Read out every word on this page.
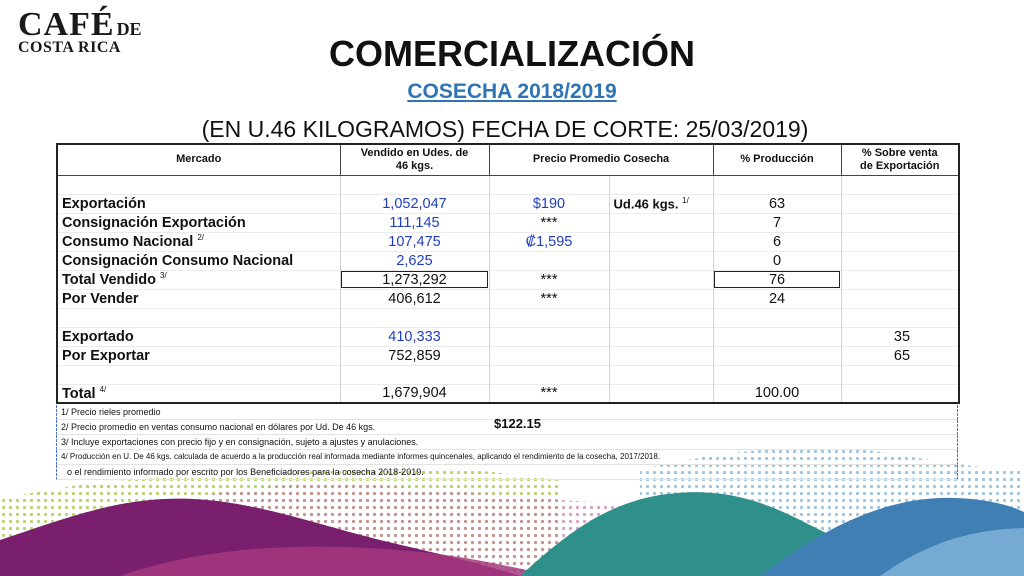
CAFÉ DE
COSTA RICA	COMERCIALIZACIÓN
COSECHA 2018/2019
(EN U.46 KILOGRAMOS) FECHA DE CORTE: 25/03/2019)
Mercado	Vendido en Udes. de
46 kgs.	Precio Promedio Cosecha		% Producción	% Sobre venta
de Exportación

Exportación	1,052,047	$190	Ud.46 kgs. $^{1/}$	63	
Consignación Exportación	111,145	***		7	
Consumo Nacional $^{2/}$	107,475	₡1,595		6	
Consignación Consumo Nacional	2,625			0	
Total Vendido $^{3/}$	1,273,292	***		76	
Por Vender	406,612	***		24	

Exportado	410,333				35
Por Exportar	752,859				65

Total $^{4/}$	1,679,904	***		100.00	
1/ Precio rieles promedio
2/ Precio promedio en ventas consumo nacional en dólares por Ud. De 46 kgs.	$122.15
3/ Incluye exportaciones con precio fijo y en consignación, sujeto a ajustes y anulaciones.
4/ Producción en U. De 46 kgs. calculada de acuerdo a la producción real informada mediante informes quincenales, aplicando el rendimiento de la cosecha, 2017/2018.
o el rendimiento informado por escrito por los Beneficiadores para la cosecha 2018-2019.
